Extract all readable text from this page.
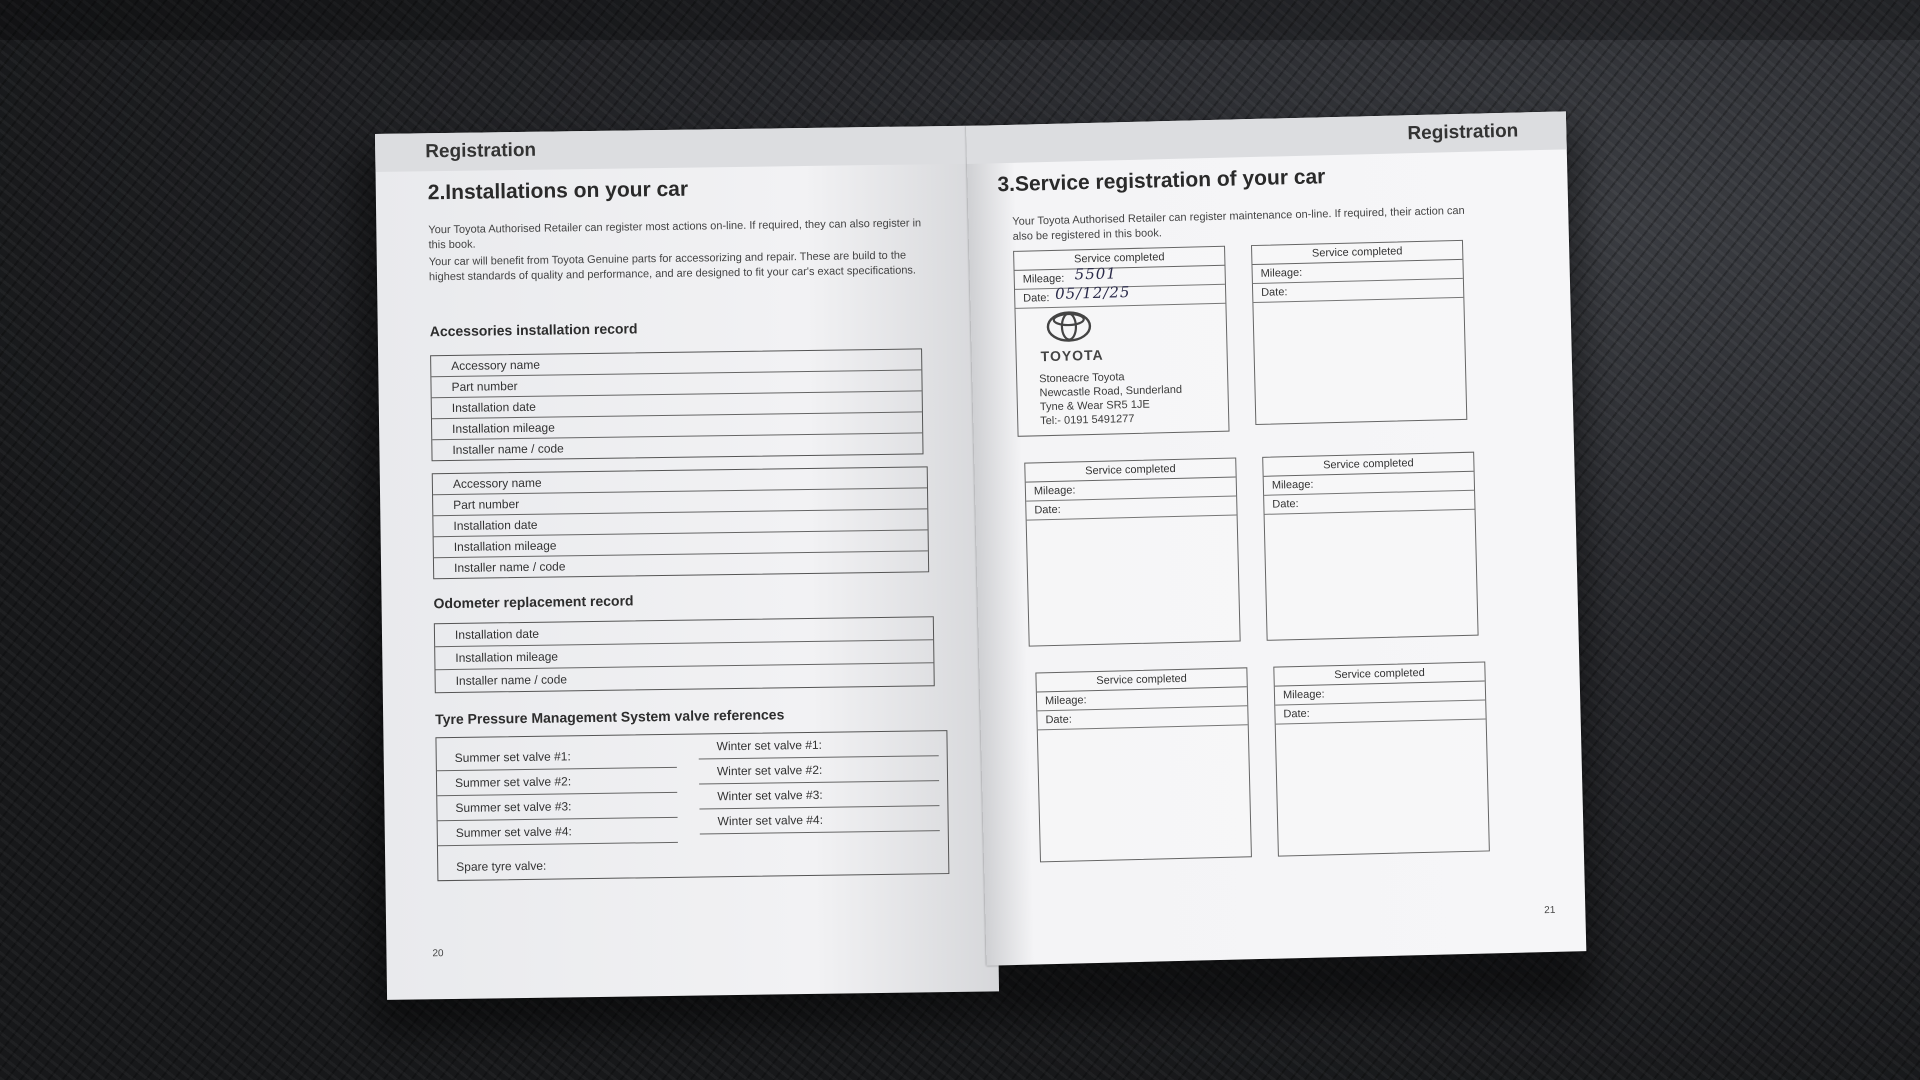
Registration
2.Installations on your car
Your Toyota Authorised Retailer can register most actions on-line. If required, they can also register in this book.
Your car will benefit from Toyota Genuine parts for accessorizing and repair. These are build to the highest standards of quality and performance, and are designed to fit your car's exact specifications.
Accessories installation record
Accessory name
Part number
Installation date
Installation mileage
Installer name / code
Accessory name
Part number
Installation date
Installation mileage
Installer name / code
Odometer replacement record
Installation date
Installation mileage
Installer name / code
Tyre Pressure Management System valve references
Summer set valve #1:
Summer set valve #2:
Summer set valve #3:
Summer set valve #4:
Winter set valve #1:
Winter set valve #2:
Winter set valve #3:
Winter set valve #4:
Spare tyre valve:
20
Registration
3.Service registration of your car
Your Toyota Authorised Retailer can register maintenance on-line. If required, their action can also be registered in this book.
Service completed
Mileage: 5501
Date: 05/12/25
TOYOTA
Stoneacre Toyota
Newcastle Road, Sunderland
Tyne & Wear SR5 1JE
Tel:- 0191 5491277
Service completed
Mileage:
Date:
Service completed
Mileage:
Date:
Service completed
Mileage:
Date:
Service completed
Mileage:
Date:
Service completed
Mileage:
Date:
21
